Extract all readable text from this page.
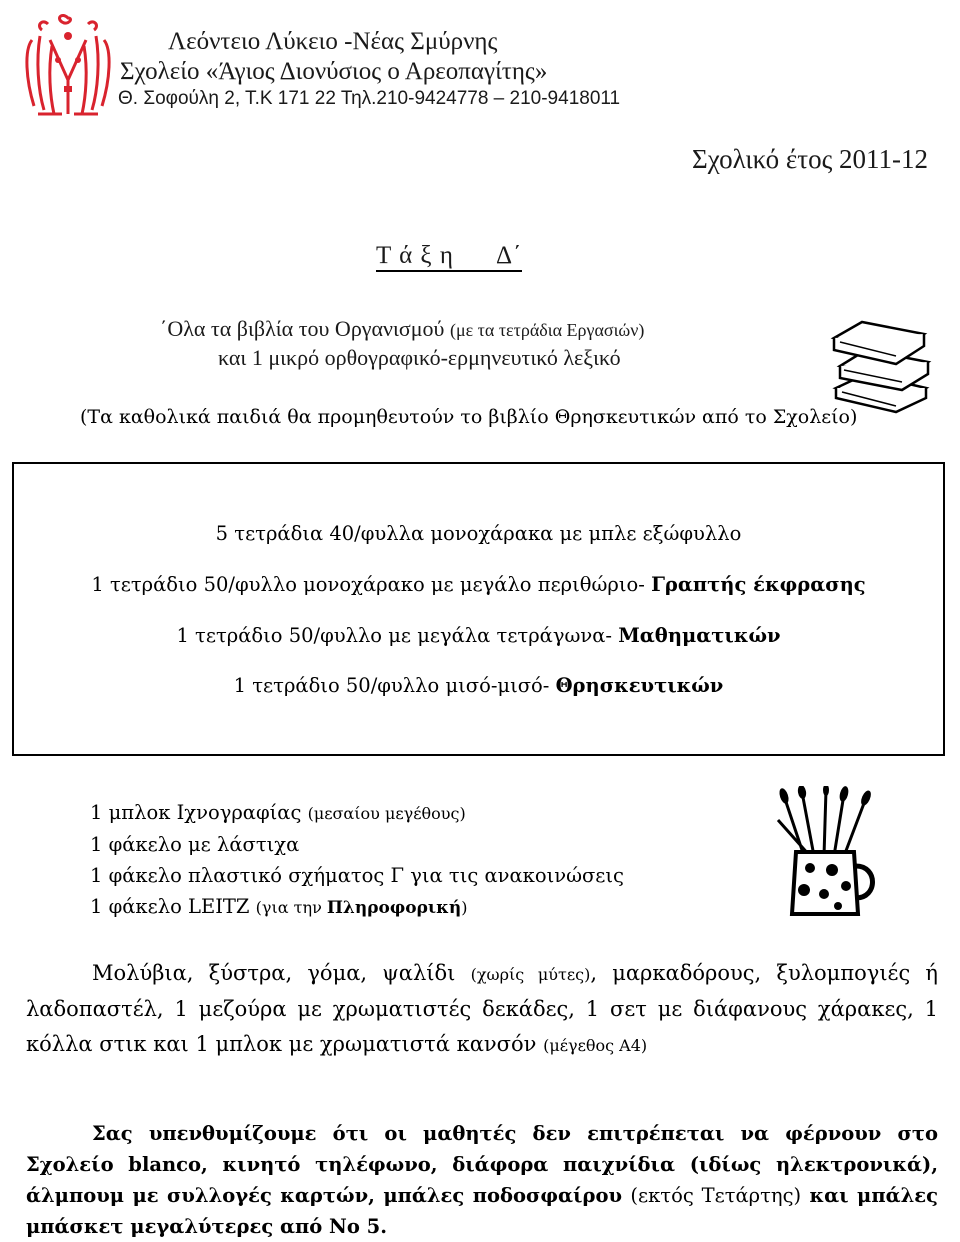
Λεόντειο Λύκειο -Νέας Σμύρνης
Σχολείο «Άγιος Διονύσιος ο Αρεοπαγίτης»
Θ. Σοφούλη 2, Τ.Κ 171 22 Τηλ.210-9424778 – 210-9418011
Σχολικό έτος 2011-12
Τ ά ξ η      Δ΄
΄Ολα τα βιβλία του Οργανισμού (με τα τετράδια Εργασιών)
και 1 μικρό ορθογραφικό-ερμηνευτικό λεξικό
(Τα καθολικά παιδιά θα προμηθευτούν το βιβλίο Θρησκευτικών από το Σχολείο)
5 τετράδια 40/φυλλα μονοχάρακα με μπλε εξώφυλλο
1 τετράδιο 50/φυλλο μονοχάρακο με μεγάλο περιθώριο- Γραπτής έκφρασης
1 τετράδιο 50/φυλλο με μεγάλα τετράγωνα- Μαθηματικών
1 τετράδιο 50/φυλλο μισό-μισό- Θρησκευτικών
1 μπλοκ Ιχνογραφίας (μεσαίου μεγέθους)
1 φάκελο με λάστιχα
1 φάκελο πλαστικό σχήματος Γ για τις ανακοινώσεις
1 φάκελο LEITZ (για την Πληροφορική)
Μολύβια, ξύστρα, γόμα, ψαλίδι (χωρίς μύτες), μαρκαδόρους, ξυλομπογιές ή λαδοπαστέλ, 1 μεζούρα με χρωματιστές δεκάδες, 1 σετ με διάφανους χάρακες, 1 κόλλα στικ και 1 μπλοκ με χρωματιστά κανσόν (μέγεθος Α4)
Σας υπενθυμίζουμε ότι οι μαθητές δεν επιτρέπεται να φέρνουν στο Σχολείο blanco, κινητό τηλέφωνο, διάφορα παιχνίδια (ιδίως ηλεκτρονικά), άλμπουμ με συλλογές καρτών, μπάλες ποδοσφαίρου (εκτός Τετάρτης) και μπάλες μπάσκετ μεγαλύτερες από Νο 5.
